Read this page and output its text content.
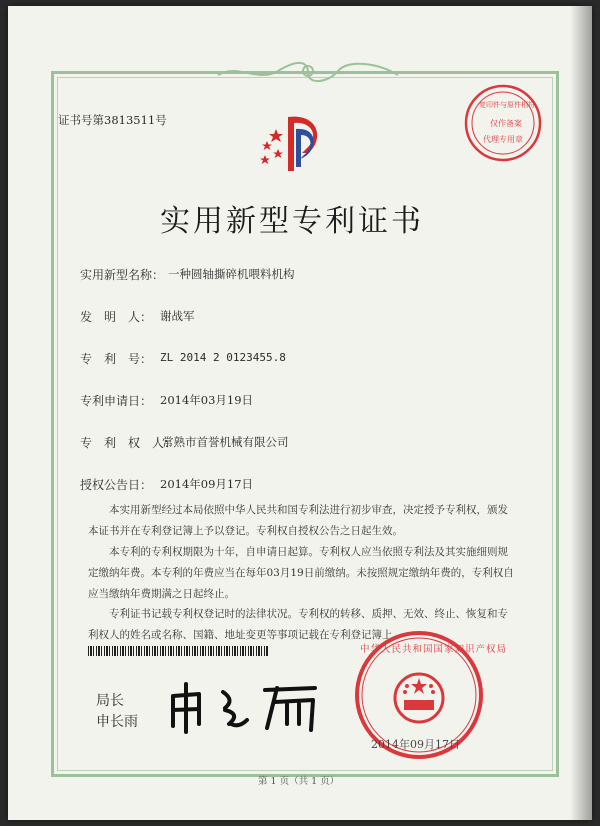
证书号第3813511号
复印件与原件相符
仅作备案
代理专用章
实用新型专利证书
实用新型名称： 一种圆轴撕碎机喂料机构
发　明　人： 谢战军
专　利　号： ZL 2014 2 0123455.8
专利申请日： 2014年03月19日
专　利　权　人：
常熟市首誉机械有限公司
授权公告日： 2014年09月17日
本实用新型经过本局依照中华人民共和国专利法进行初步审查，决定授予专利权，颁发本证书并在专利登记簿上予以登记。专利权自授权公告之日起生效。
本专利的专利权期限为十年，自申请日起算。专利权人应当依照专利法及其实施细则规定缴纳年费。本专利的年费应当在每年03月19日前缴纳。未按照规定缴纳年费的，专利权自应当缴纳年费期满之日起终止。
专利证书记载专利权登记时的法律状况。专利权的转移、质押、无效、终止、恢复和专利权人的姓名或名称、国籍、地址变更等事项记载在专利登记簿上。
局长
申长雨
中华人民共和国国家知识产权局
2014年09月17日
第 1 页（共 1 页）
